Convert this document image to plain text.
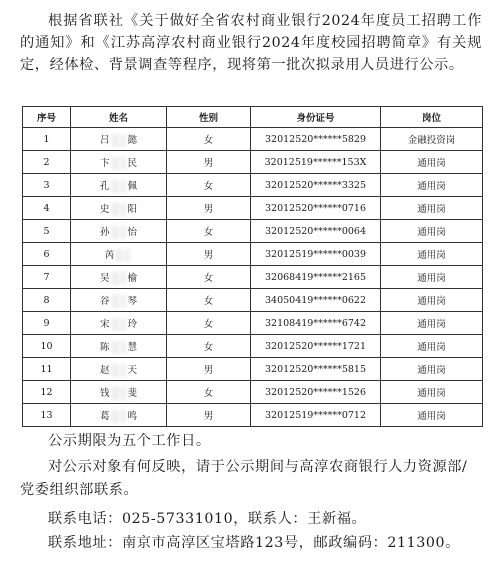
根据省联社《关于做好全省农村商业银行2024年度员工招聘工作的通知》和《江苏高淳农村商业银行2024年度校园招聘简章》有关规定，经体检、背景调查等程序，现将第一批次拟录用人员进行公示。

序号	姓名	性别	身份证号	岗位
1	吕 懿	女	32012520******5829	金融投资岗
2	卞 民	男	32012519******153X	通用岗
3	孔 佩	女	32012520******3325	通用岗
4	史 阳	男	32012520******0716	通用岗
5	孙 怡	女	32012520******0064	通用岗
6	芮	男	32012519******0039	通用岗
7	吴 榆	女	32068419******2165	通用岗
8	谷 琴	女	34050419******0622	通用岗
9	宋 玲	女	32108419******6742	通用岗
10	陈 慧	女	32012520******1721	通用岗
11	赵 天	男	32012520******5815	通用岗
12	钱 斐	女	32012520******1526	通用岗
13	葛 鸣	男	32012519******0712	通用岗

公示期限为五个工作日。

对公示对象有何反映，请于公示期间与高淳农商银行人力资源部/党委组织部联系。

联系电话：025-57331010，联系人：王新福。

联系地址：南京市高淳区宝塔路123号，邮政编码：211300。
